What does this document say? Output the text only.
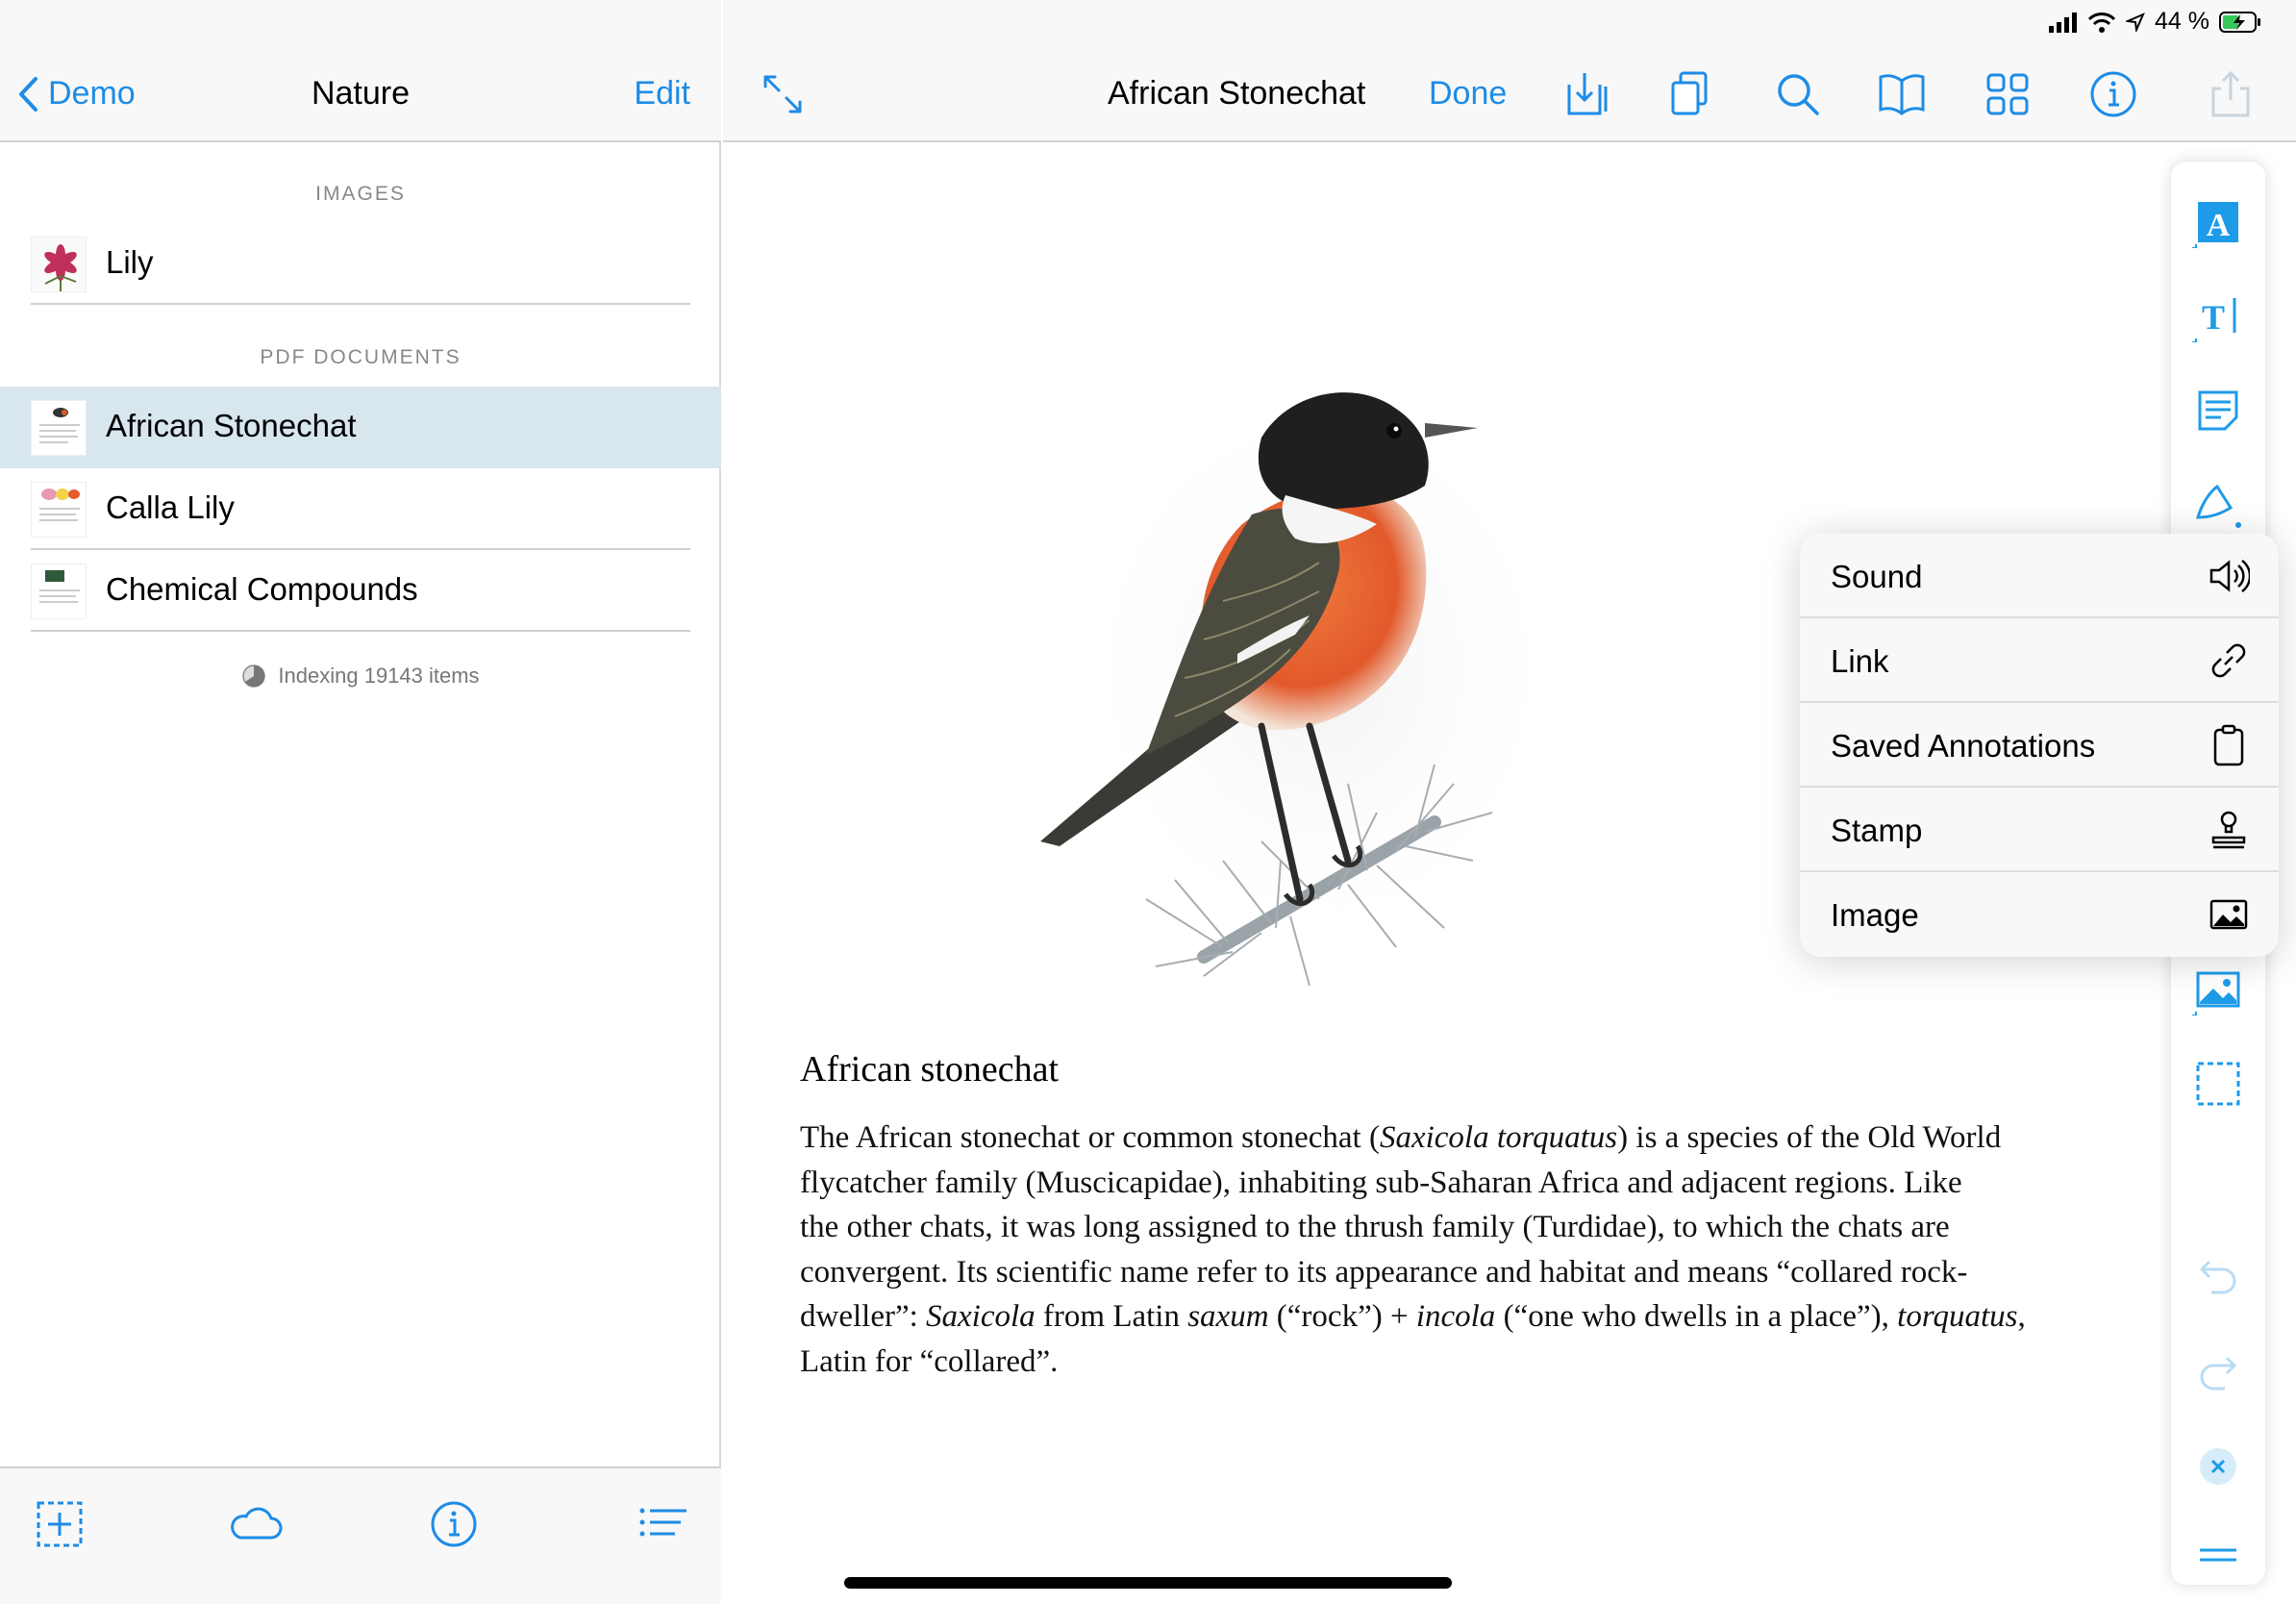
Demo	Nature	Edit
IMAGES
Lily
PDF DOCUMENTS
African Stonechat
Calla Lily
Chemical Compounds
Indexing 19143 items
African Stonechat Done
44 %
African stonechat
The African stonechat or common stonechat (Saxicola torquatus) is a species of the Old World
flycatcher family (Muscicapidae), inhabiting sub-Saharan Africa and adjacent regions. Like
the other chats, it was long assigned to the thrush family (Turdidae), to which the chats are
convergent. Its scientific name refer to its appearance and habitat and means “collared rock-
dweller”: Saxicola from Latin saxum (“rock”) + incola (“one who dwells in a place”), torquatus,
Latin for “collared”.
A
T
Sound
Link
Saved Annotations
Stamp
Image
